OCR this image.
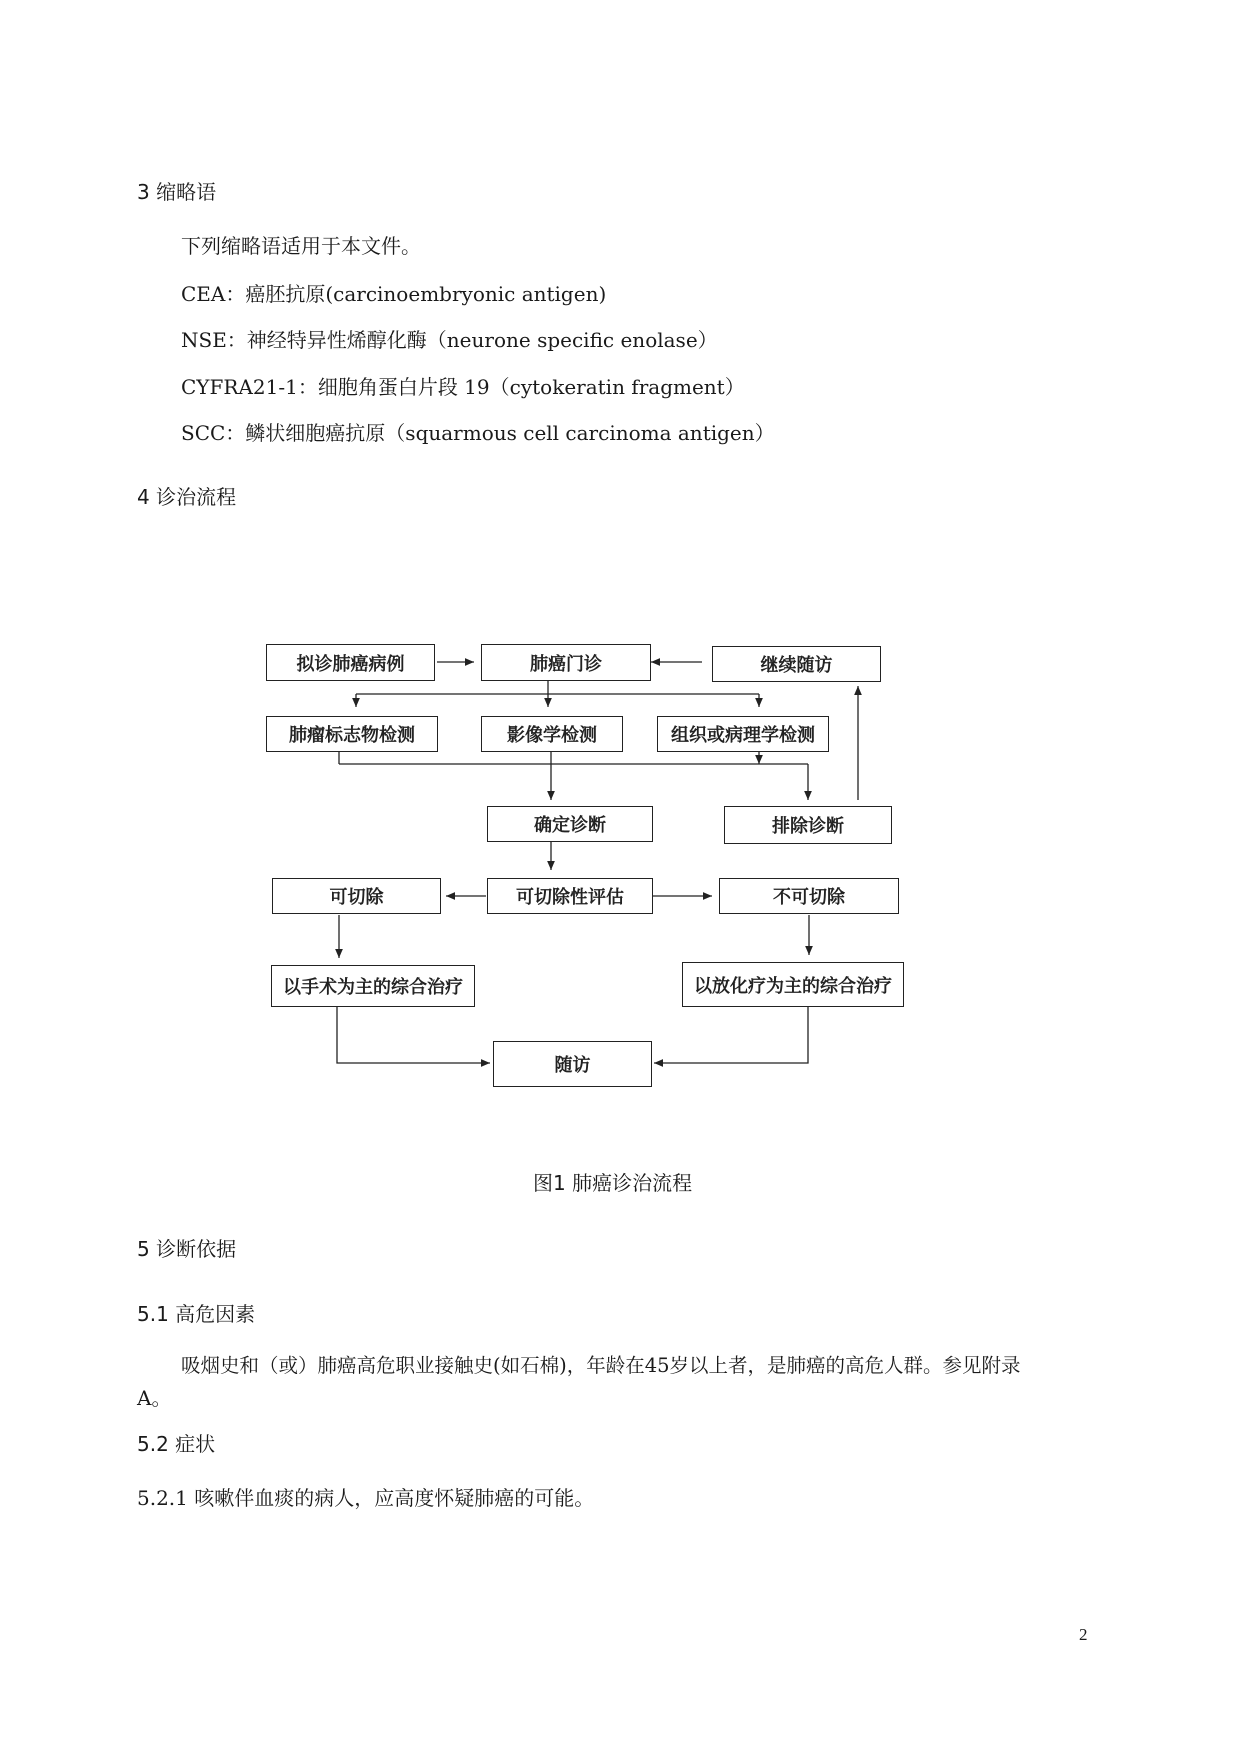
3 缩略语
下列缩略语适用于本文件。
CEA：癌胚抗原(carcinoembryonic antigen)
NSE：神经特异性烯醇化酶（neurone specific enolase）
CYFRA21-1：细胞角蛋白片段 19（cytokeratin fragment）
SCC：鳞状细胞癌抗原（squarmous cell carcinoma antigen）
4 诊治流程
拟诊肺癌病例	肺癌门诊	继续随访
肺瘤标志物检测	影像学检测	组织或病理学检测
确定诊断	排除诊断
可切除	可切除性评估	不可切除
以手术为主的综合治疗	以放化疗为主的综合治疗
随访
图1 肺癌诊治流程
5 诊断依据
5.1 高危因素
吸烟史和（或）肺癌高危职业接触史(如石棉)，年龄在45岁以上者，是肺癌的高危人群。参见附录
A。
5.2 症状
5.2.1 咳嗽伴血痰的病人，应高度怀疑肺癌的可能。
2
